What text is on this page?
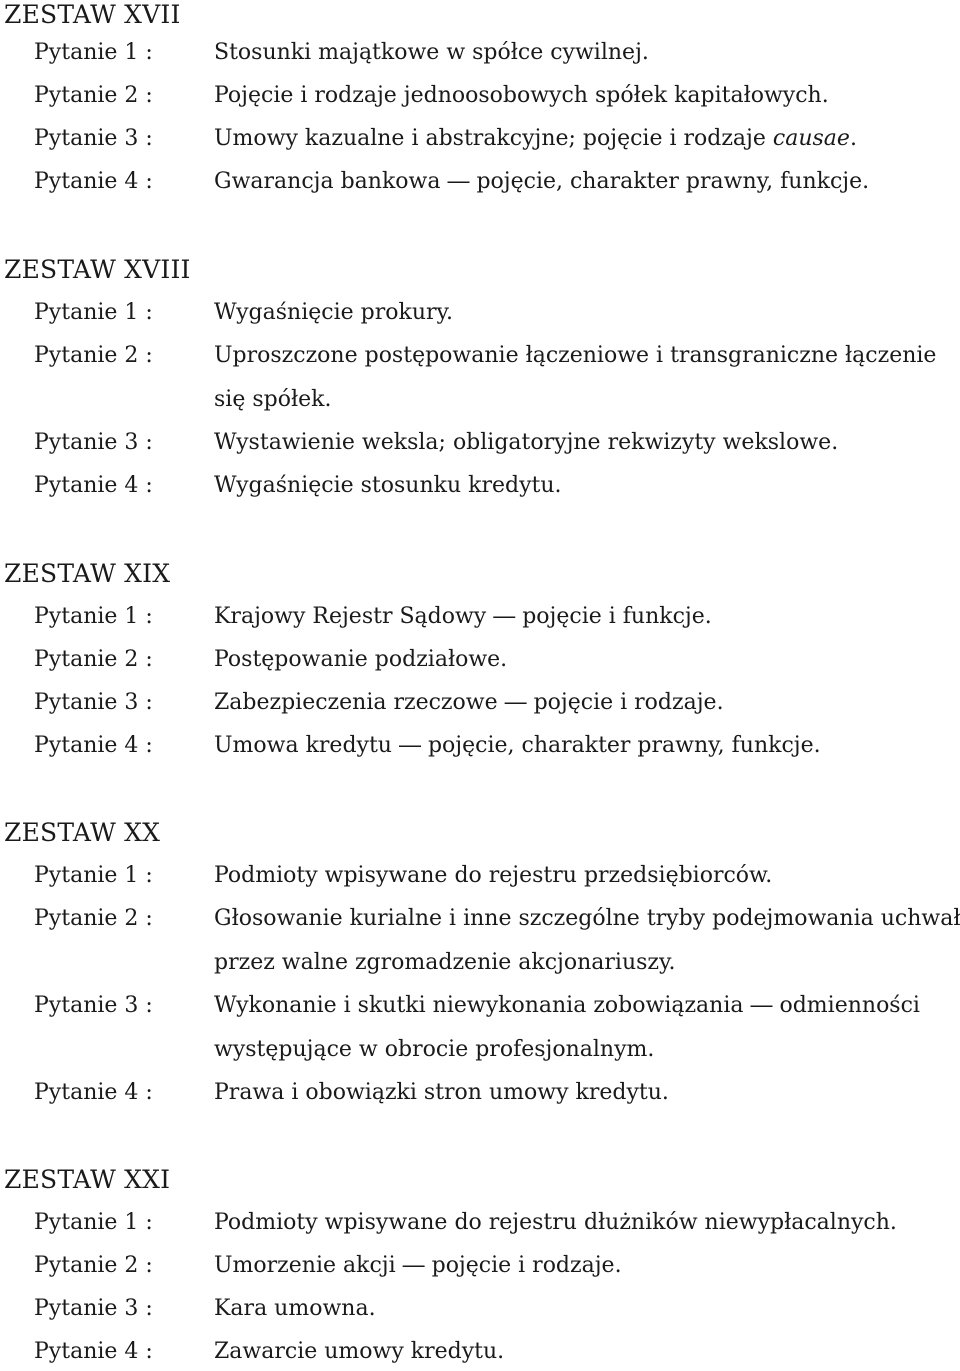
ZESTAW XVII
Pytanie 1 :	Stosunki majątkowe w spółce cywilnej.
Pytanie 2 :	Pojęcie i rodzaje jednoosobowych spółek kapitałowych.
Pytanie 3 :	Umowy kazualne i abstrakcyjne; pojęcie i rodzaje causae.
Pytanie 4 :	Gwarancja bankowa ― pojęcie, charakter prawny, funkcje.
ZESTAW XVIII
Pytanie 1 :	Wygaśnięcie prokury.
Pytanie 2 :	Uproszczone postępowanie łączeniowe i transgraniczne łączenie
się spółek.
Pytanie 3 :	Wystawienie weksla; obligatoryjne rekwizyty wekslowe.
Pytanie 4 :	Wygaśnięcie stosunku kredytu.
ZESTAW XIX
Pytanie 1 :	Krajowy Rejestr Sądowy ― pojęcie i funkcje.
Pytanie 2 :	Postępowanie podziałowe.
Pytanie 3 :	Zabezpieczenia rzeczowe ― pojęcie i rodzaje.
Pytanie 4 :	Umowa kredytu ― pojęcie, charakter prawny, funkcje.
ZESTAW XX
Pytanie 1 :	Podmioty wpisywane do rejestru przedsiębiorców.
Pytanie 2 :	Głosowanie kurialne i inne szczególne tryby podejmowania uchwał
przez walne zgromadzenie akcjonariuszy.
Pytanie 3 :	Wykonanie i skutki niewykonania zobowiązania ― odmienności
występujące w obrocie profesjonalnym.
Pytanie 4 :	Prawa i obowiązki stron umowy kredytu.
ZESTAW XXI
Pytanie 1 :	Podmioty wpisywane do rejestru dłużników niewypłacalnych.
Pytanie 2 :	Umorzenie akcji ― pojęcie i rodzaje.
Pytanie 3 :	Kara umowna.
Pytanie 4 :	Zawarcie umowy kredytu.
